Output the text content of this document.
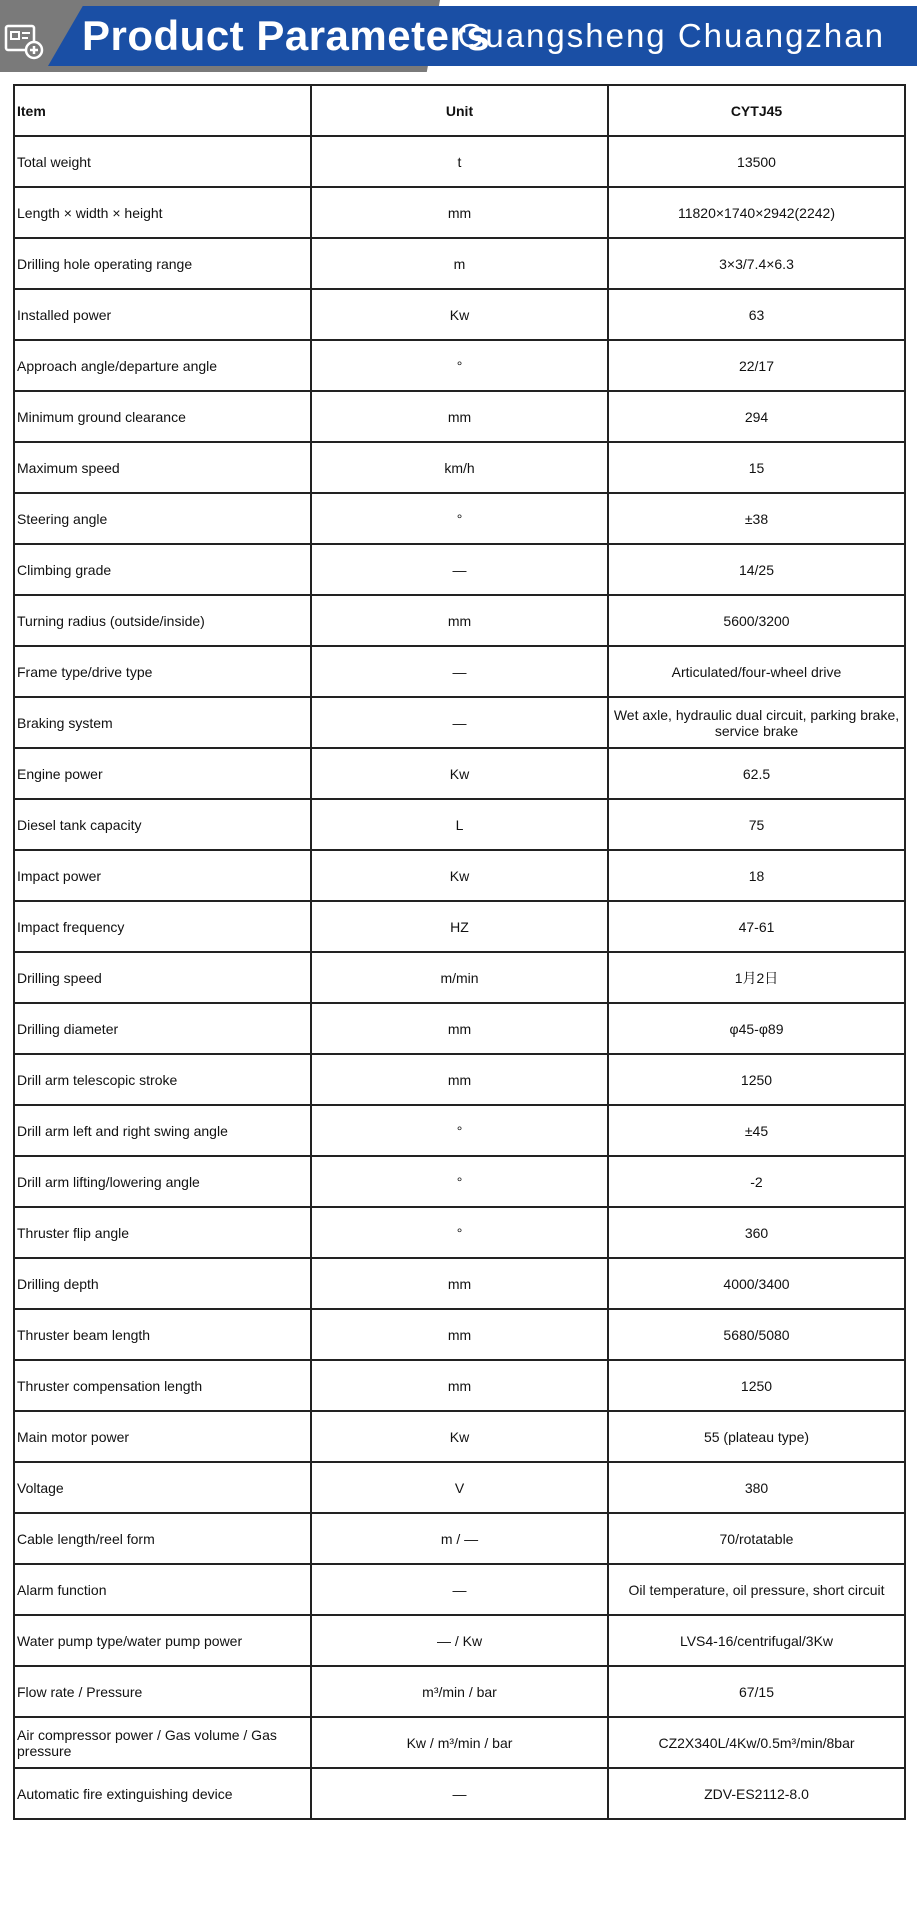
Product Parameters
Guangsheng Chuangzhan
Item	Unit	CYTJ45
Total weight	t	13500
Length × width × height	mm	11820×1740×2942(2242)
Drilling hole operating range	m	3×3/7.4×6.3
Installed power	Kw	63
Approach angle/departure angle	°	22/17
Minimum ground clearance	mm	294
Maximum speed	km/h	15
Steering angle	°	±38
Climbing grade	—	14/25
Turning radius (outside/inside)	mm	5600/3200
Frame type/drive type	—	Articulated/four-wheel drive
Braking system	—	Wet axle, hydraulic dual circuit, parking brake, service brake
Engine power	Kw	62.5
Diesel tank capacity	L	75
Impact power	Kw	18
Impact frequency	HZ	47-61
Drilling speed	m/min	1月2日
Drilling diameter	mm	φ45-φ89
Drill arm telescopic stroke	mm	1250
Drill arm left and right swing angle	°	±45
Drill arm lifting/lowering angle	°	-2
Thruster flip angle	°	360
Drilling depth	mm	4000/3400
Thruster beam length	mm	5680/5080
Thruster compensation length	mm	1250
Main motor power	Kw	55 (plateau type)
Voltage	V	380
Cable length/reel form	m / —	70/rotatable
Alarm function	—	Oil temperature, oil pressure, short circuit
Water pump type/water pump power	— / Kw	LVS4-16/centrifugal/3Kw
Flow rate / Pressure	m³/min / bar	67/15
Air compressor power / Gas volume / Gas pressure	Kw / m³/min / bar	CZ2X340L/4Kw/0.5m³/min/8bar
Automatic fire extinguishing device	—	ZDV-ES2112-8.0
